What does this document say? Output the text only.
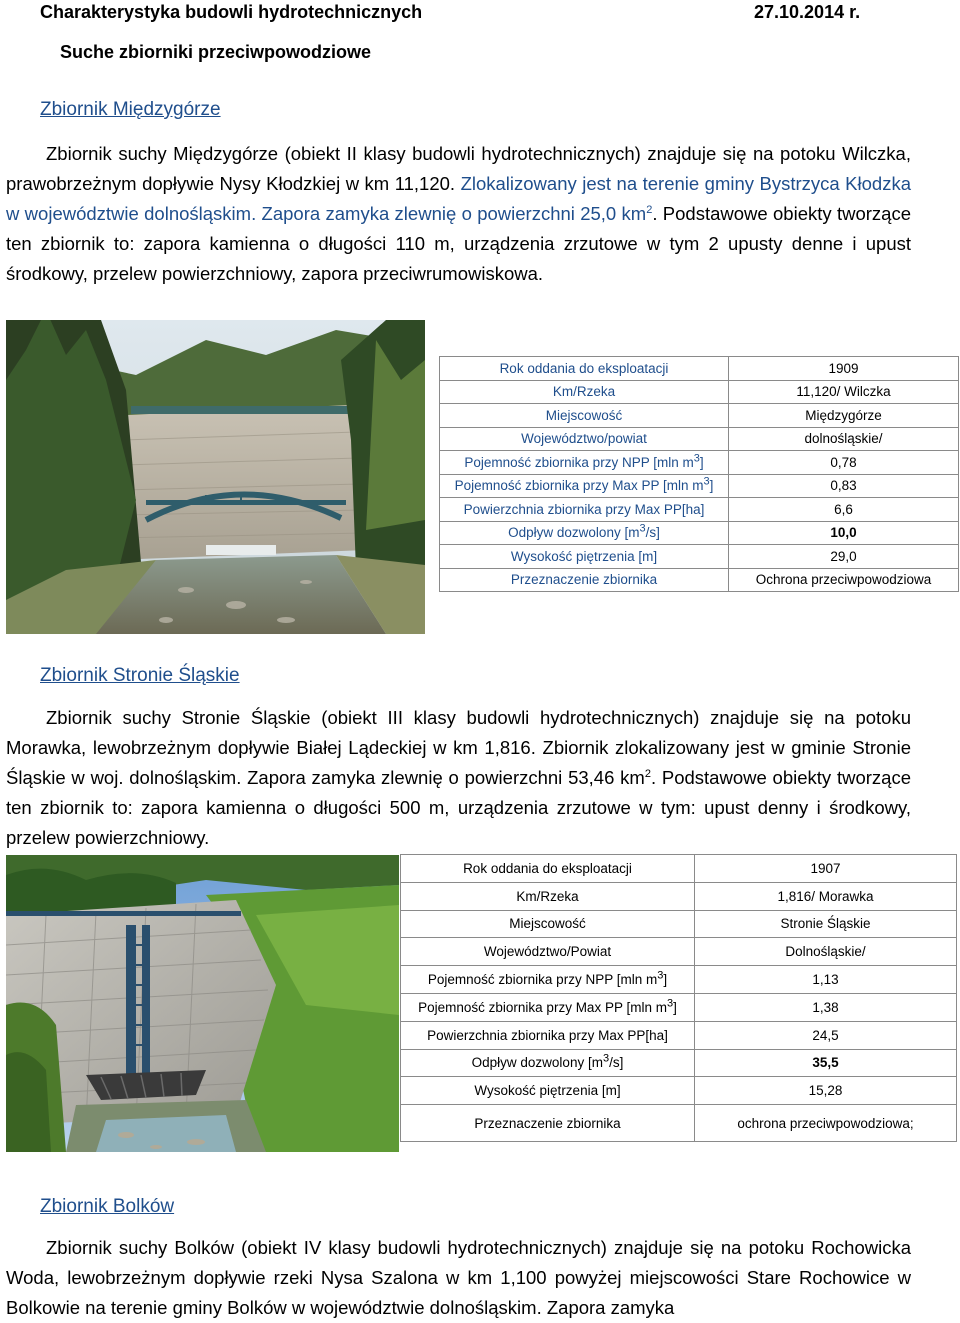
Charakterystyka budowli hydrotechnicznych	27.10.2014 r.
Suche zbiorniki przeciwpowodziowe
Zbiornik Międzygórze
Zbiornik suchy Międzygórze (obiekt II klasy budowli hydrotechnicznych) znajduje się na potoku Wilczka, prawobrzeżnym dopływie Nysy Kłodzkiej w km 11,120. Zlokalizowany jest na terenie gminy Bystrzyca Kłodzka w województwie dolnośląskim. Zapora zamyka zlewnię o powierzchni 25,0 $km^2$. Podstawowe obiekty tworzące ten zbiornik to: zapora kamienna o długości 110 m, urządzenia zrzutowe w tym 2 upusty denne i upust środkowy, przelew powierzchniowy, zapora przeciwrumowiskowa.
Rok oddania do eksploatacji	1909
Km/Rzeka	11,120/ Wilczka
Miejscowość	Międzygórze
Województwo/powiat	dolnośląskie/
Pojemność zbiornika przy NPP [mln $m^3$]	0,78
Pojemność zbiornika przy Max PP [mln $m^3$]	0,83
Powierzchnia zbiornika przy Max PP[ha]	6,6
Odpływ dozwolony $[m^3/s]$	10,0
Wysokość piętrzenia [m]	29,0
Przeznaczenie zbiornika	Ochrona przeciwpowodziowa
Zbiornik Stronie Śląskie
Zbiornik suchy Stronie Śląskie (obiekt III klasy budowli hydrotechnicznych) znajduje się na potoku Morawka, lewobrzeżnym dopływie Białej Lądeckiej w km 1,816. Zbiornik zlokalizowany jest w gminie Stronie Śląskie w woj. dolnośląskim. Zapora zamyka zlewnię o powierzchni 53,46 $km^2$. Podstawowe obiekty tworzące ten zbiornik to: zapora kamienna o długości 500 m, urządzenia zrzutowe w tym: upust denny i środkowy, przelew powierzchniowy.
Rok oddania do eksploatacji	1907
Km/Rzeka	1,816/ Morawka
Miejscowość	Stronie Śląskie
Województwo/Powiat	Dolnośląskie/
Pojemność zbiornika przy NPP [mln $m^3$]	1,13
Pojemność zbiornika przy Max PP [mln $m^3$]	1,38
Powierzchnia zbiornika przy Max PP[ha]	24,5
Odpływ dozwolony $[m^3/s]$	35,5
Wysokość piętrzenia [m]	15,28
Przeznaczenie zbiornika	ochrona przeciwpowodziowa;
Zbiornik Bolków
Zbiornik suchy Bolków (obiekt IV klasy budowli hydrotechnicznych) znajduje się na potoku Rochowicka Woda, lewobrzeżnym dopływie rzeki Nysa Szalona w km 1,100 powyżej miejscowości Stare Rochowice w Bolkowie na terenie gminy Bolków w województwie dolnośląskim. Zapora zamyka
